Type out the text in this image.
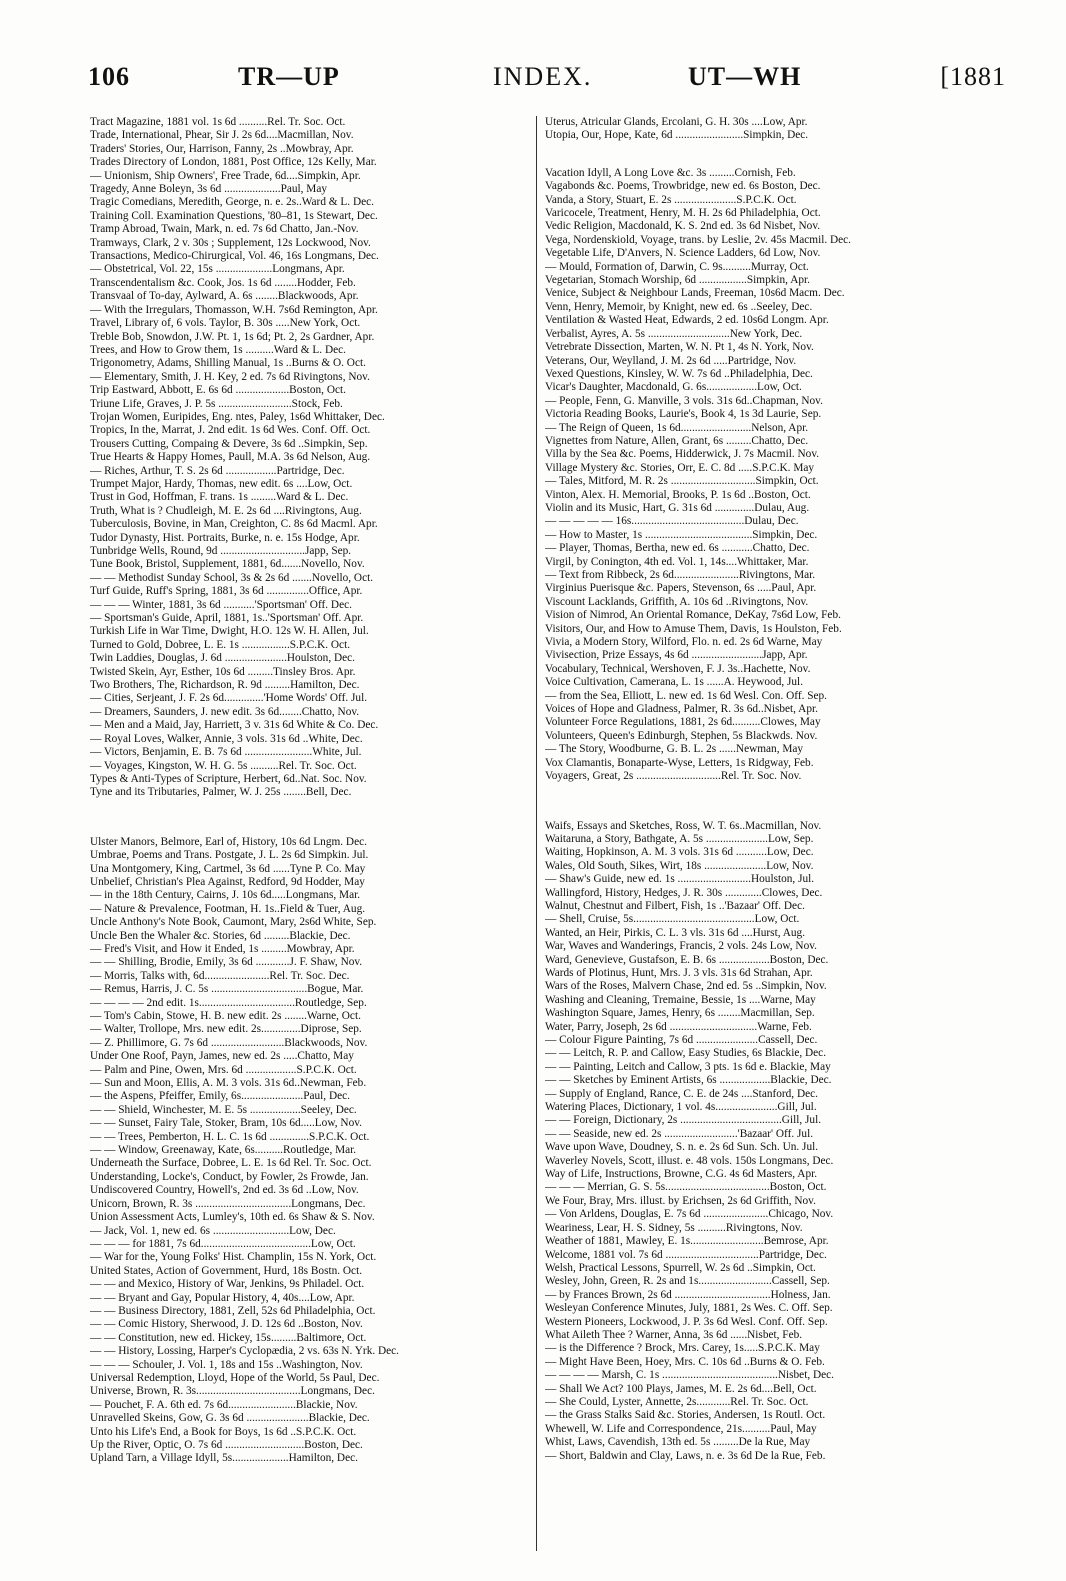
106	TR—UP	INDEX.	UT—WH	[1881
Tract Magazine, 1881 vol. 1s 6d ..........Rel. Tr. Soc. Oct.
Trade, International, Phear, Sir J. 2s 6d....Macmillan, Nov.
Traders' Stories, Our, Harrison, Fanny, 2s ..Mowbray, Apr.
Trades Directory of London, 1881, Post Office, 12s Kelly, Mar.
— Unionism, Ship Owners', Free Trade, 6d....Simpkin, Apr.
Tragedy, Anne Boleyn, 3s 6d ....................Paul, May
Tragic Comedians, Meredith, George, n. e. 2s..Ward & L. Dec.
Training Coll. Examination Questions, '80–81, 1s Stewart, Dec.
Tramp Abroad, Twain, Mark, n. ed. 7s 6d Chatto, Jan.-Nov.
Tramways, Clark, 2 v. 30s ; Supplement, 12s Lockwood, Nov.
Transactions, Medico-Chirurgical, Vol. 46, 16s Longmans, Dec.
— Obstetrical, Vol. 22, 15s ....................Longmans, Apr.
Transcendentalism &c. Cook, Jos. 1s 6d ........Hodder, Feb.
Transvaal of To-day, Aylward, A. 6s ........Blackwoods, Apr.
— With the Irregulars, Thomasson, W.H. 7s6d Remington, Apr.
Travel, Library of, 6 vols. Taylor, B. 30s .....New York, Oct.
Treble Bob, Snowdon, J.W. Pt. 1, 1s 6d; Pt. 2, 2s Gardner, Apr.
Trees, and How to Grow them, 1s ..........Ward & L. Dec.
Trigonometry, Adams, Shilling Manual, 1s ..Burns & O. Oct.
— Elementary, Smith, J. H. Key, 2 ed. 7s 6d Rivingtons, Nov.
Trip Eastward, Abbott, E. 6s 6d ...................Boston, Oct.
Triune Life, Graves, J. P. 5s ..........................Stock, Feb.
Trojan Women, Euripides, Eng. ntes, Paley, 1s6d Whittaker, Dec.
Tropics, In the, Marrat, J. 2nd edit. 1s 6d Wes. Conf. Off. Oct.
Trousers Cutting, Compaing & Devere, 3s 6d ..Simpkin, Sep.
True Hearts & Happy Homes, Paull, M.A. 3s 6d Nelson, Aug.
— Riches, Arthur, T. S. 2s 6d ..................Partridge, Dec.
Trumpet Major, Hardy, Thomas, new edit. 6s ....Low, Oct.
Trust in God, Hoffman, F. trans. 1s .........Ward & L. Dec.
Truth, What is ? Chudleigh, M. E. 2s 6d ....Rivingtons, Aug.
Tuberculosis, Bovine, in Man, Creighton, C. 8s 6d Macml. Apr.
Tudor Dynasty, Hist. Portraits, Burke, n. e. 15s Hodge, Apr.
Tunbridge Wells, Round, 9d ..............................Japp, Sep.
Tune Book, Bristol, Supplement, 1881, 6d.......Novello, Nov.
— — Methodist Sunday School, 3s & 2s 6d .......Novello, Oct.
Turf Guide, Ruff's Spring, 1881, 3s 6d ...............Office, Apr.
— — — Winter, 1881, 3s 6d ...........'Sportsman' Off. Dec.
— Sportsman's Guide, April, 1881, 1s..'Sportsman' Off. Apr.
Turkish Life in War Time, Dwight, H.O. 12s W. H. Allen, Jul.
Turned to Gold, Dobree, L. E. 1s .................S.P.C.K. Oct.
Twin Laddies, Douglas, J. 6d ......................Houlston, Dec.
Twisted Skein, Ayr, Esther, 10s 6d .........Tinsley Bros. Apr.
Two Brothers, The, Richardson, R. 9d .........Hamilton, Dec.
— Cities, Serjeant, J. F. 2s 6d..............'Home Words' Off. Jul.
— Dreamers, Saunders, J. new edit. 3s 6d........Chatto, Nov.
— Men and a Maid, Jay, Harriett, 3 v. 31s 6d White & Co. Dec.
— Royal Loves, Walker, Annie, 3 vols. 31s 6d ..White, Dec.
— Victors, Benjamin, E. B. 7s 6d ........................White, Jul.
— Voyages, Kingston, W. H. G. 5s ..........Rel. Tr. Soc. Oct.
Types & Anti-Types of Scripture, Herbert, 6d..Nat. Soc. Nov.
Tyne and its Tributaries, Palmer, W. J. 25s ........Bell, Dec.
Ulster Manors, Belmore, Earl of, History, 10s 6d Lngm. Dec.
Umbrae, Poems and Trans. Postgate, J. L. 2s 6d Simpkin. Jul.
Una Montgomery, King, Cartmel, 3s 6d ......Tyne P. Co. May
Unbelief, Christian's Plea Against, Redford, 9d Hodder, May
— in the 18th Century, Cairns, J. 10s 6d.....Longmans, Mar.
— Nature & Prevalence, Footman, H. 1s..Field & Tuer, Aug.
Uncle Anthony's Note Book, Caumont, Mary, 2s6d White, Sep.
Uncle Ben the Whaler &c. Stories, 6d .........Blackie, Dec.
— Fred's Visit, and How it Ended, 1s .........Mowbray, Apr.
— — Shilling, Brodie, Emily, 3s 6d ............J. F. Shaw, Nov.
— Morris, Talks with, 6d.......................Rel. Tr. Soc. Dec.
— Remus, Harris, J. C. 5s ..................................Bogue, Mar.
— — — — 2nd edit. 1s..................................Routledge, Sep.
— Tom's Cabin, Stowe, H. B. new edit. 2s ........Warne, Oct.
— Walter, Trollope, Mrs. new edit. 2s..............Diprose, Sep.
— Z. Phillimore, G. 7s 6d ..........................Blackwoods, Nov.
Under One Roof, Payn, James, new ed. 2s .....Chatto, May
— Palm and Pine, Owen, Mrs. 6d ..................S.P.C.K. Oct.
— Sun and Moon, Ellis, A. M. 3 vols. 31s 6d..Newman, Feb.
— the Aspens, Pfeiffer, Emily, 6s......................Paul, Dec.
— — Shield, Winchester, M. E. 5s ..................Seeley, Dec.
— — Sunset, Fairy Tale, Stoker, Bram, 10s 6d.....Low, Nov.
— — Trees, Pemberton, H. L. C. 1s 6d ..............S.P.C.K. Oct.
— — Window, Greenaway, Kate, 6s..........Routledge, Mar.
Underneath the Surface, Dobree, L. E. 1s 6d Rel. Tr. Soc. Oct.
Understanding, Locke's, Conduct, by Fowler, 2s Frowde, Jan.
Undiscovered Country, Howell's, 2nd ed. 3s 6d ..Low, Nov.
Unicorn, Brown, R. 3s ..................................Longmans, Dec.
Union Assessment Acts, Lumley's, 10th ed. 6s Shaw & S. Nov.
— Jack, Vol. 1, new ed. 6s ...........................Low, Dec.
— — — for 1881, 7s 6d.......................................Low, Oct.
— War for the, Young Folks' Hist. Champlin, 15s N. York, Oct.
United States, Action of Government, Hurd, 18s Bostn. Oct.
— — and Mexico, History of War, Jenkins, 9s Philadel. Oct.
— — Bryant and Gay, Popular History, 4, 40s....Low, Apr.
— — Business Directory, 1881, Zell, 52s 6d Philadelphia, Oct.
— — Comic History, Sherwood, J. D. 12s 6d ..Boston, Nov.
— — Constitution, new ed. Hickey, 15s.........Baltimore, Oct.
— — History, Lossing, Harper's Cyclopædia, 2 vs. 63s N. Yrk. Dec.
— — — Schouler, J. Vol. 1, 18s and 15s ..Washington, Nov.
Universal Redemption, Lloyd, Hope of the World, 5s Paul, Dec.
Universe, Brown, R. 3s.....................................Longmans, Dec.
— Pouchet, F. A. 6th ed. 7s 6d........................Blackie, Nov.
Unravelled Skeins, Gow, G. 3s 6d ......................Blackie, Dec.
Unto his Life's End, a Book for Boys, 1s 6d ..S.P.C.K. Oct.
Up the River, Optic, O. 7s 6d ............................Boston, Dec.
Upland Tarn, a Village Idyll, 5s....................Hamilton, Dec.
Uterus, Atricular Glands, Ercolani, G. H. 30s ....Low, Apr.
Utopia, Our, Hope, Kate, 6d ........................Simpkin, Dec.
Vacation Idyll, A Long Love &c. 3s .........Cornish, Feb.
Vagabonds &c. Poems, Trowbridge, new ed. 6s Boston, Dec.
Vanda, a Story, Stuart, E. 2s ......................S.P.C.K. Oct.
Varicocele, Treatment, Henry, M. H. 2s 6d Philadelphia, Oct.
Vedic Religion, Macdonald, K. S. 2nd ed. 3s 6d Nisbet, Nov.
Vega, Nordenskiold, Voyage, trans. by Leslie, 2v. 45s Macmil. Dec.
Vegetable Life, D'Anvers, N. Science Ladders, 6d Low, Nov.
— Mould, Formation of, Darwin, C. 9s..........Murray, Oct.
Vegetarian, Stomach Worship, 6d .................Simpkin, Apr.
Venice, Subject & Neighbour Lands, Freeman, 10s6d Macm. Dec.
Venn, Henry, Memoir, by Knight, new ed. 6s ..Seeley, Dec.
Ventilation & Wasted Heat, Edwards, 2 ed. 10s6d Longm. Apr.
Verbalist, Ayres, A. 5s .............................New York, Dec.
Vetrebrate Dissection, Marten, W. N. Pt 1, 4s N. York, Nov.
Veterans, Our, Weylland, J. M. 2s 6d .....Partridge, Nov.
Vexed Questions, Kinsley, W. W. 7s 6d ..Philadelphia, Dec.
Vicar's Daughter, Macdonald, G. 6s..................Low, Oct.
— People, Fenn, G. Manville, 3 vols. 31s 6d..Chapman, Nov.
Victoria Reading Books, Laurie's, Book 4, 1s 3d Laurie, Sep.
— The Reign of Queen, 1s 6d.........................Nelson, Apr.
Vignettes from Nature, Allen, Grant, 6s .........Chatto, Dec.
Villa by the Sea &c. Poems, Hidderwick, J. 7s Macmil. Nov.
Village Mystery &c. Stories, Orr, E. C. 8d .....S.P.C.K. May
— Tales, Mitford, M. R. 2s ..............................Simpkin, Oct.
Vinton, Alex. H. Memorial, Brooks, P. 1s 6d ..Boston, Oct.
Violin and its Music, Hart, G. 31s 6d ..............Dulau, Aug.
— — — — — 16s........................................Dulau, Dec.
— How to Master, 1s ......................................Simpkin, Dec.
— Player, Thomas, Bertha, new ed. 6s ...........Chatto, Dec.
Virgil, by Conington, 4th ed. Vol. 1, 14s....Whittaker, Mar.
— Text from Ribbeck, 2s 6d.......................Rivingtons, Mar.
Virginius Puerisque &c. Papers, Stevenson, 6s .....Paul, Apr.
Viscount Lacklands, Griffith, A. 10s 6d ..Rivingtons, Nov.
Vision of Nimrod, An Oriental Romance, DeKay, 7s6d Low, Feb.
Visitors, Our, and How to Amuse Them, Davis, 1s Houlston, Feb.
Vivia, a Modern Story, Wilford, Flo. n. ed. 2s 6d Warne, May
Vivisection, Prize Essays, 4s 6d .........................Japp, Apr.
Vocabulary, Technical, Wershoven, F. J. 3s..Hachette, Nov.
Voice Cultivation, Camerana, L. 1s ......A. Heywood, Jul.
— from the Sea, Elliott, L. new ed. 1s 6d Wesl. Con. Off. Sep.
Voices of Hope and Gladness, Palmer, R. 3s 6d..Nisbet, Apr.
Volunteer Force Regulations, 1881, 2s 6d..........Clowes, May
Volunteers, Queen's Edinburgh, Stephen, 5s Blackwds. Nov.
— The Story, Woodburne, G. B. L. 2s ......Newman, May
Vox Clamantis, Bonaparte-Wyse, Letters, 1s Ridgway, Feb.
Voyagers, Great, 2s ..............................Rel. Tr. Soc. Nov.
Waifs, Essays and Sketches, Ross, W. T. 6s..Macmillan, Nov.
Waitaruna, a Story, Bathgate, A. 5s ......................Low, Sep.
Waiting, Hopkinson, A. M. 3 vols. 31s 6d ...........Low, Dec.
Wales, Old South, Sikes, Wirt, 18s ......................Low, Nov.
— Shaw's Guide, new ed. 1s ..........................Houlston, Jul.
Wallingford, History, Hedges, J. R. 30s .............Clowes, Dec.
Walnut, Chestnut and Filbert, Fish, 1s ..'Bazaar' Off. Dec.
— Shell, Cruise, 5s...........................................Low, Oct.
Wanted, an Heir, Pirkis, C. L. 3 vls. 31s 6d ....Hurst, Aug.
War, Waves and Wanderings, Francis, 2 vols. 24s Low, Nov.
Ward, Genevieve, Gustafson, E. B. 6s ..................Boston, Dec.
Wards of Plotinus, Hunt, Mrs. J. 3 vls. 31s 6d Strahan, Apr.
Wars of the Roses, Malvern Chase, 2nd ed. 5s ..Simpkin, Nov.
Washing and Cleaning, Tremaine, Bessie, 1s ....Warne, May
Washington Square, James, Henry, 6s ........Macmillan, Sep.
Water, Parry, Joseph, 2s 6d ...............................Warne, Feb.
— Colour Figure Painting, 7s 6d ......................Cassell, Dec.
— — Leitch, R. P. and Callow, Easy Studies, 6s Blackie, Dec.
— — Painting, Leitch and Callow, 3 pts. 1s 6d e. Blackie, May
— — Sketches by Eminent Artists, 6s ..................Blackie, Dec.
— Supply of England, Rance, C. E. de 24s ....Stanford, Dec.
Watering Places, Dictionary, 1 vol. 4s......................Gill, Jul.
— — Foreign, Dictionary, 2s ....................................Gill, Jul.
— — Seaside, new ed. 2s ..........................'Bazaar' Off. Jul.
Wave upon Wave, Doudney, S. n. e. 2s 6d Sun. Sch. Un. Jul.
Waverley Novels, Scott, illust. e. 48 vols. 150s Longmans, Dec.
Way of Life, Instructions, Browne, C.G. 4s 6d Masters, Apr.
— — — Merrian, G. S. 5s.....................................Boston, Oct.
We Four, Bray, Mrs. illust. by Erichsen, 2s 6d Griffith, Nov.
— Von Arldens, Douglas, E. 7s 6d .......................Chicago, Nov.
Weariness, Lear, H. S. Sidney, 5s ..........Rivingtons, Nov.
Weather of 1881, Mawley, E. 1s..........................Bemrose, Apr.
Welcome, 1881 vol. 7s 6d .................................Partridge, Dec.
Welsh, Practical Lessons, Spurrell, W. 2s 6d ..Simpkin, Oct.
Wesley, John, Green, R. 2s and 1s..........................Cassell, Sep.
— by Frances Brown, 2s 6d ..................................Holness, Jan.
Wesleyan Conference Minutes, July, 1881, 2s Wes. C. Off. Sep.
Western Pioneers, Lockwood, J. P. 3s 6d Wesl. Conf. Off. Sep.
What Aileth Thee ? Warner, Anna, 3s 6d ......Nisbet, Feb.
— is the Difference ? Brock, Mrs. Carey, 1s.....S.P.C.K. May
— Might Have Been, Hoey, Mrs. C. 10s 6d ..Burns & O. Feb.
— — — — Marsh, C. 1s .........................................Nisbet, Dec.
— Shall We Act? 100 Plays, James, M. E. 2s 6d....Bell, Oct.
— She Could, Lyster, Annette, 2s............Rel. Tr. Soc. Oct.
— the Grass Stalks Said &c. Stories, Andersen, 1s Routl. Oct.
Whewell, W. Life and Correspondence, 21s..........Paul, May
Whist, Laws, Cavendish, 13th ed. 5s .........De la Rue, May
— Short, Baldwin and Clay, Laws, n. e. 3s 6d De la Rue, Feb.
